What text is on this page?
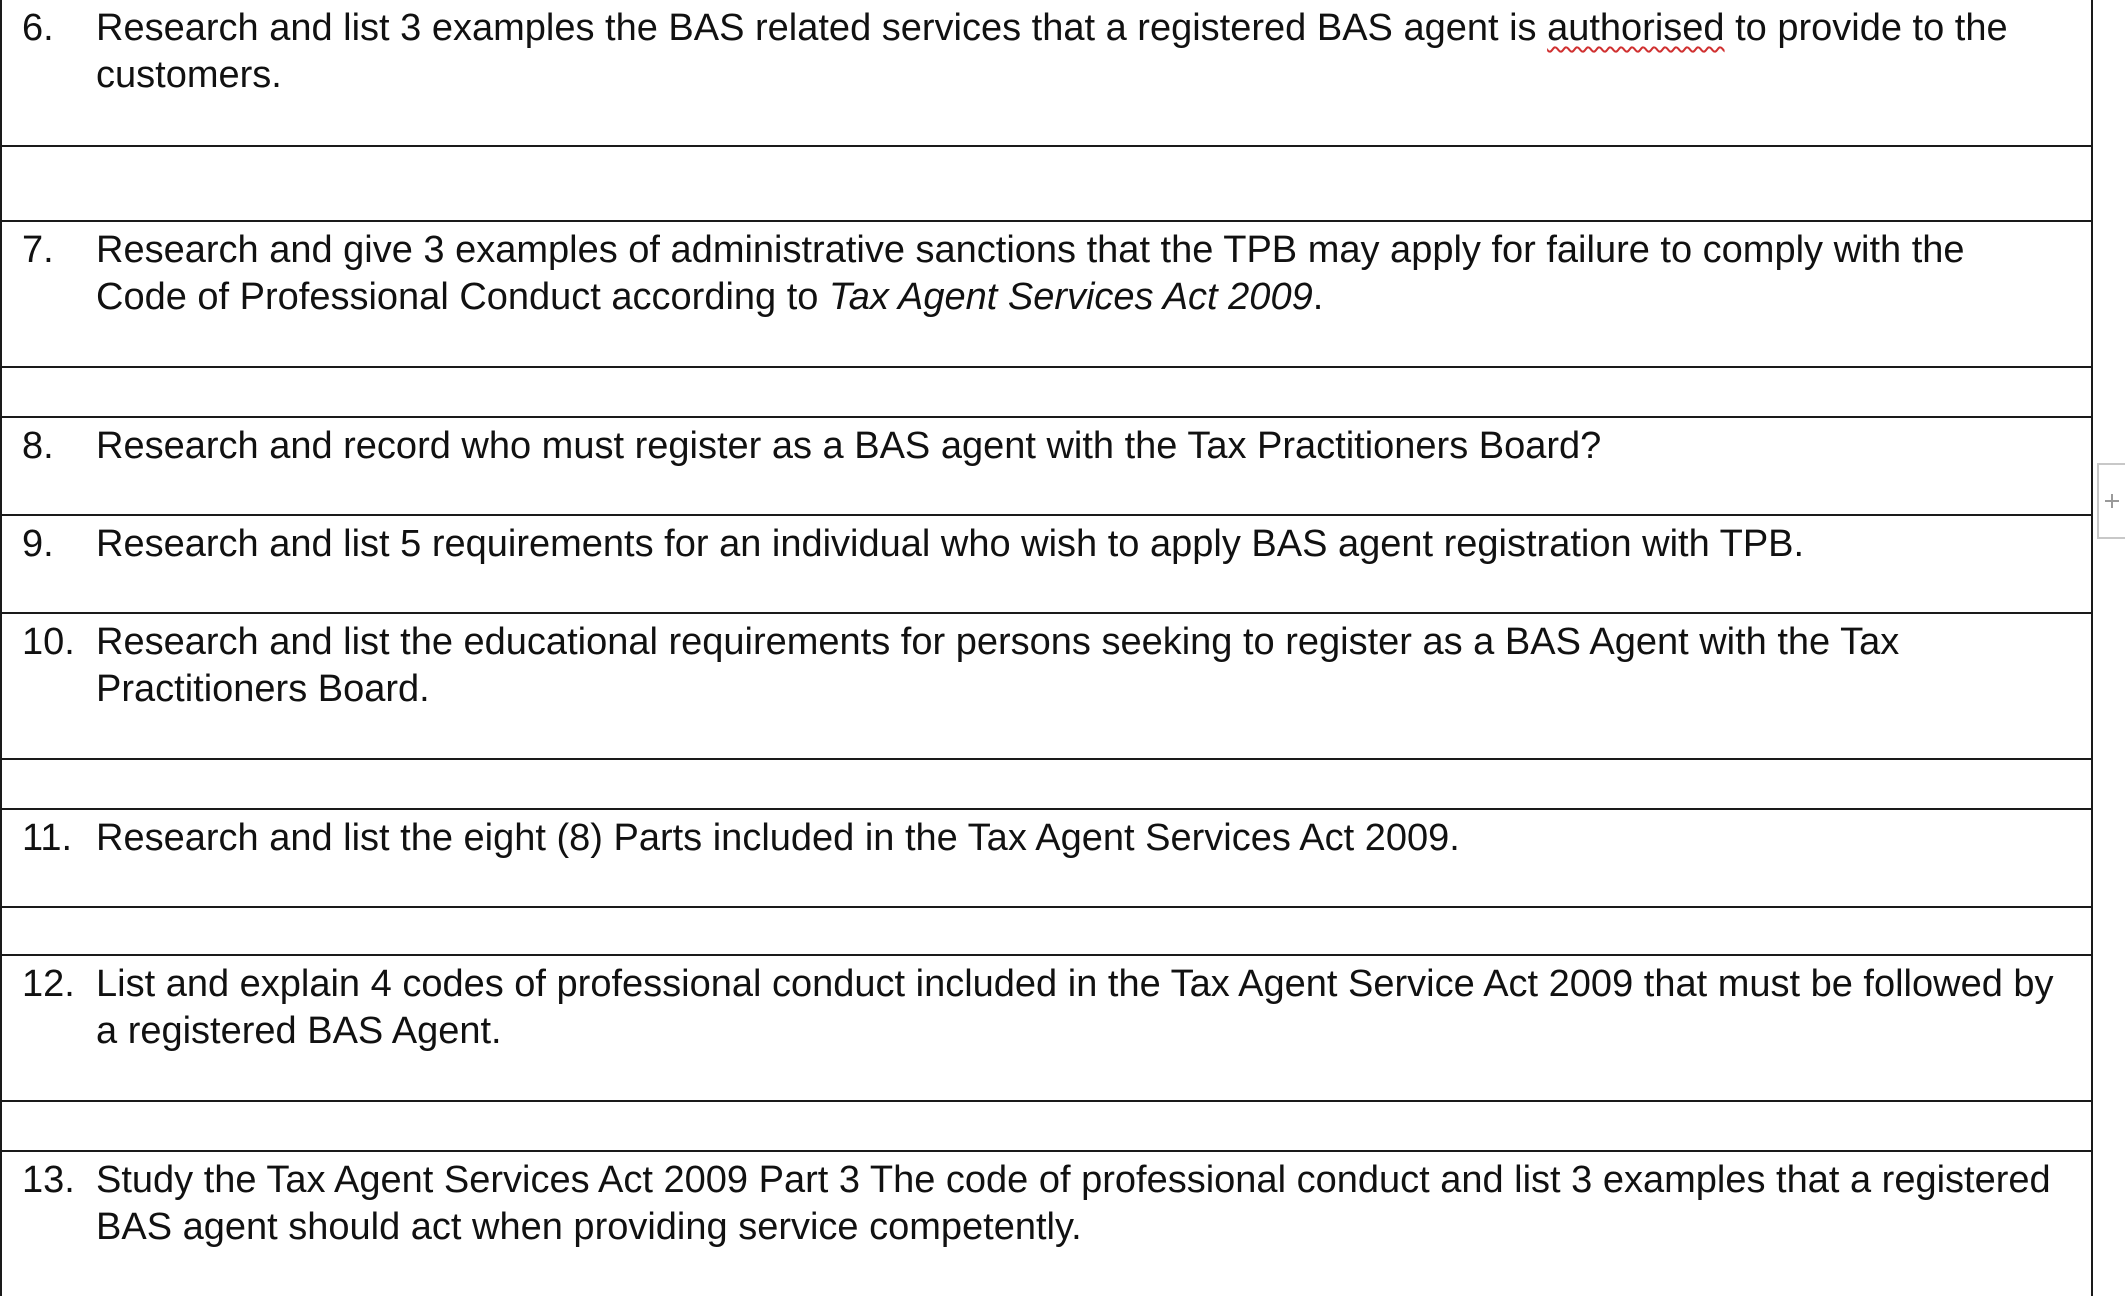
6.	Research and list 3 examples the BAS related services that a registered BAS agent is authorised to provide to the customers.
7.	Research and give 3 examples of administrative sanctions that the TPB may apply for failure to comply with the Code of Professional Conduct according to Tax Agent Services Act 2009.
8.	Research and record who must register as a BAS agent with the Tax Practitioners Board?
9.	Research and list 5 requirements for an individual who wish to apply BAS agent registration with TPB.
10. Research and list the educational requirements for persons seeking to register as a BAS Agent with the Tax Practitioners Board.
11. Research and list the eight (8) Parts included in the Tax Agent Services Act 2009.
12. List and explain 4 codes of professional conduct included in the Tax Agent Service Act 2009 that must be followed by a registered BAS Agent.
13. Study the Tax Agent Services Act 2009 Part 3 The code of professional conduct and list 3 examples that a registered BAS agent should act when providing service competently.
